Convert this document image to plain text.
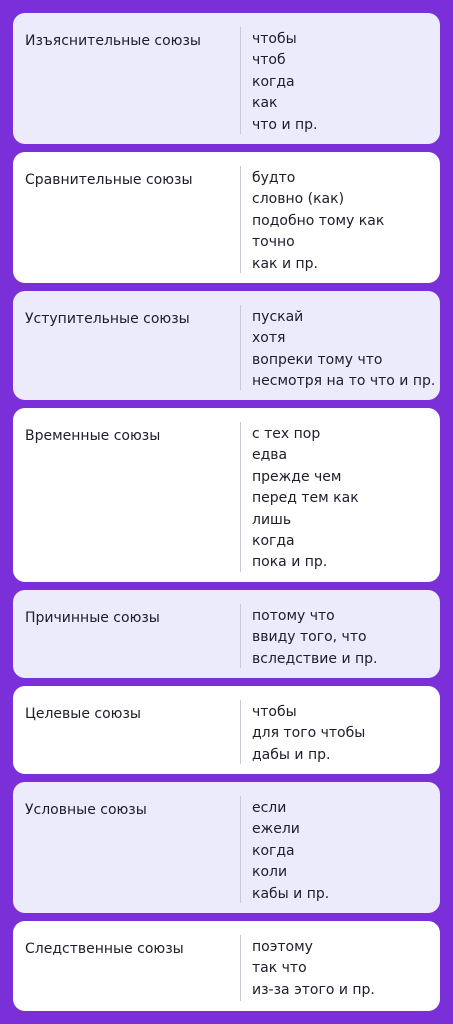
Изъяснительные союзы	чтобы
чтоб
когда
как
что и пр.
Сравнительные союзы	будто
словно (как)
подобно тому как
точно
как и пр.
Уступительные союзы	пускай
хотя
вопреки тому что
несмотря на то что и пр.
Временные союзы	с тех пор
едва
прежде чем
перед тем как
лишь
когда
пока и пр.
Причинные союзы	потому что
ввиду того, что
вследствие и пр.
Целевые союзы	чтобы
для того чтобы
дабы и пр.
Условные союзы	если
ежели
когда
коли
кабы и пр.
Следственные союзы	поэтому
так что
из-за этого и пр.
